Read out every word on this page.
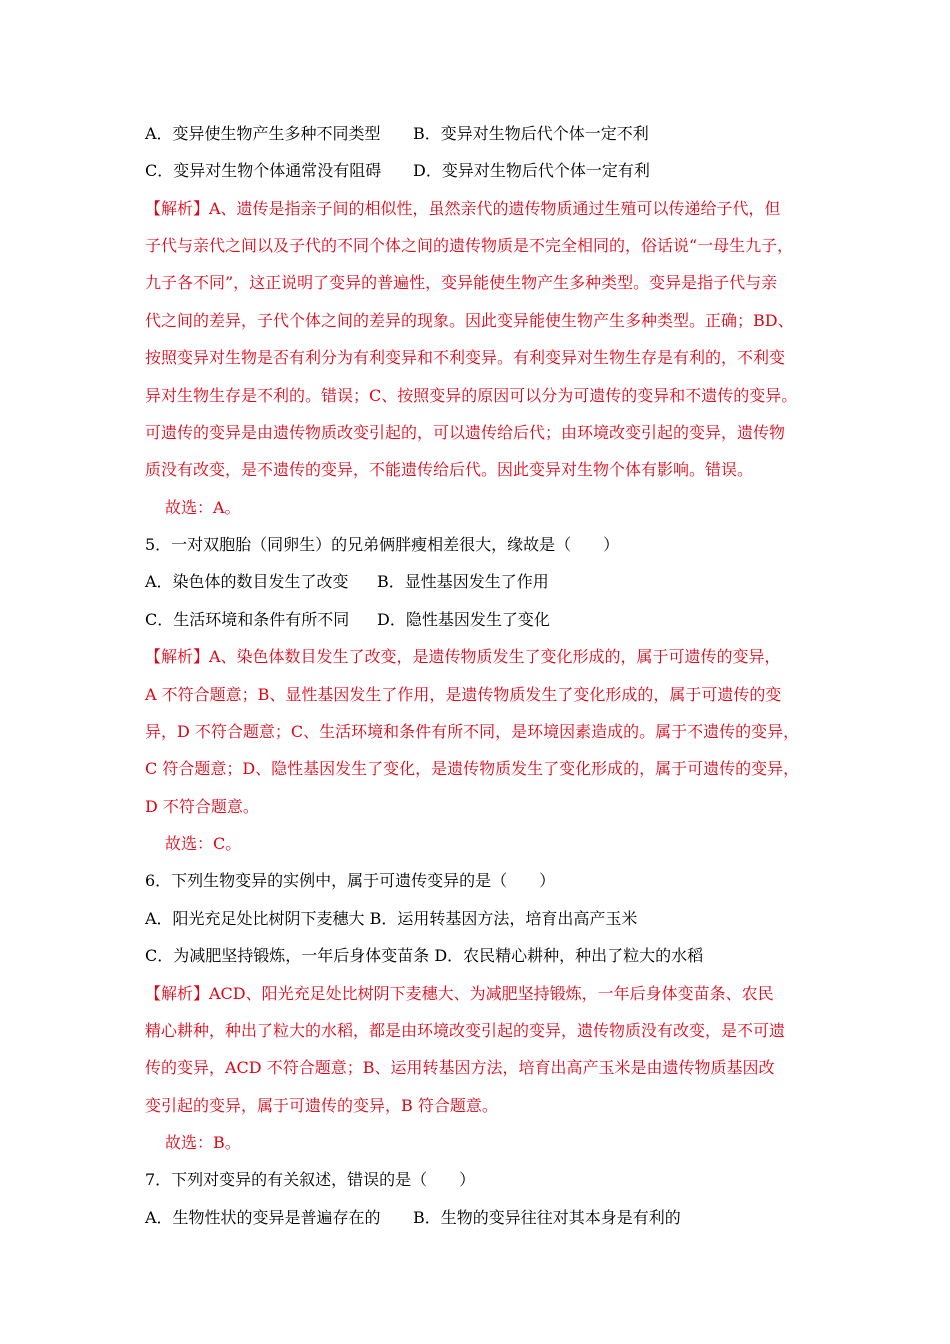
A．变异使生物产生多种不同类型 B．变异对生物后代个体一定不利
C．变异对生物个体通常没有阻碍 D．变异对生物后代个体一定有利
【解析】A、遗传是指亲子间的相似性，虽然亲代的遗传物质通过生殖可以传递给子代，但
子代与亲代之间以及子代的不同个体之间的遗传物质是不完全相同的，俗话说“一母生九子，
九子各不同”，这正说明了变异的普遍性，变异能使生物产生多种类型。变异是指子代与亲
代之间的差异，子代个体之间的差异的现象。因此变异能使生物产生多种类型。正确；BD、
按照变异对生物是否有利分为有利变异和不利变异。有利变异对生物生存是有利的，不利变
异对生物生存是不利的。错误；C、按照变异的原因可以分为可遗传的变异和不遗传的变异。
可遗传的变异是由遗传物质改变引起的，可以遗传给后代；由环境改变引起的变异，遗传物
质没有改变，是不遗传的变异，不能遗传给后代。因此变异对生物个体有影响。错误。
故选：A。
5．一对双胞胎（同卵生）的兄弟俩胖瘦相差很大，缘故是（　　）
A．染色体的数目发生了改变 B．显性基因发生了作用
C．生活环境和条件有所不同 D．隐性基因发生了变化
【解析】A、染色体数目发生了改变，是遗传物质发生了变化形成的，属于可遗传的变异，
A 不符合题意；B、显性基因发生了作用，是遗传物质发生了变化形成的，属于可遗传的变
异，D 不符合题意；C、生活环境和条件有所不同，是环境因素造成的。属于不遗传的变异，
C 符合题意；D、隐性基因发生了变化，是遗传物质发生了变化形成的，属于可遗传的变异，
D 不符合题意。
故选：C。
6．下列生物变异的实例中，属于可遗传变异的是（　　）
A．阳光充足处比树阴下麦穗大 B．运用转基因方法，培育出高产玉米
C．为减肥坚持锻炼，一年后身体变苗条 D．农民精心耕种，种出了粒大的水稻
【解析】ACD、阳光充足处比树阴下麦穗大、为减肥坚持锻炼，一年后身体变苗条、农民
精心耕种，种出了粒大的水稻，都是由环境改变引起的变异，遗传物质没有改变，是不可遗
传的变异，ACD 不符合题意；B、运用转基因方法，培育出高产玉米是由遗传物质基因改
变引起的变异，属于可遗传的变异，B 符合题意。
故选：B。
7．下列对变异的有关叙述，错误的是（　　）
A．生物性状的变异是普遍存在的 B．生物的变异往往对其本身是有利的
